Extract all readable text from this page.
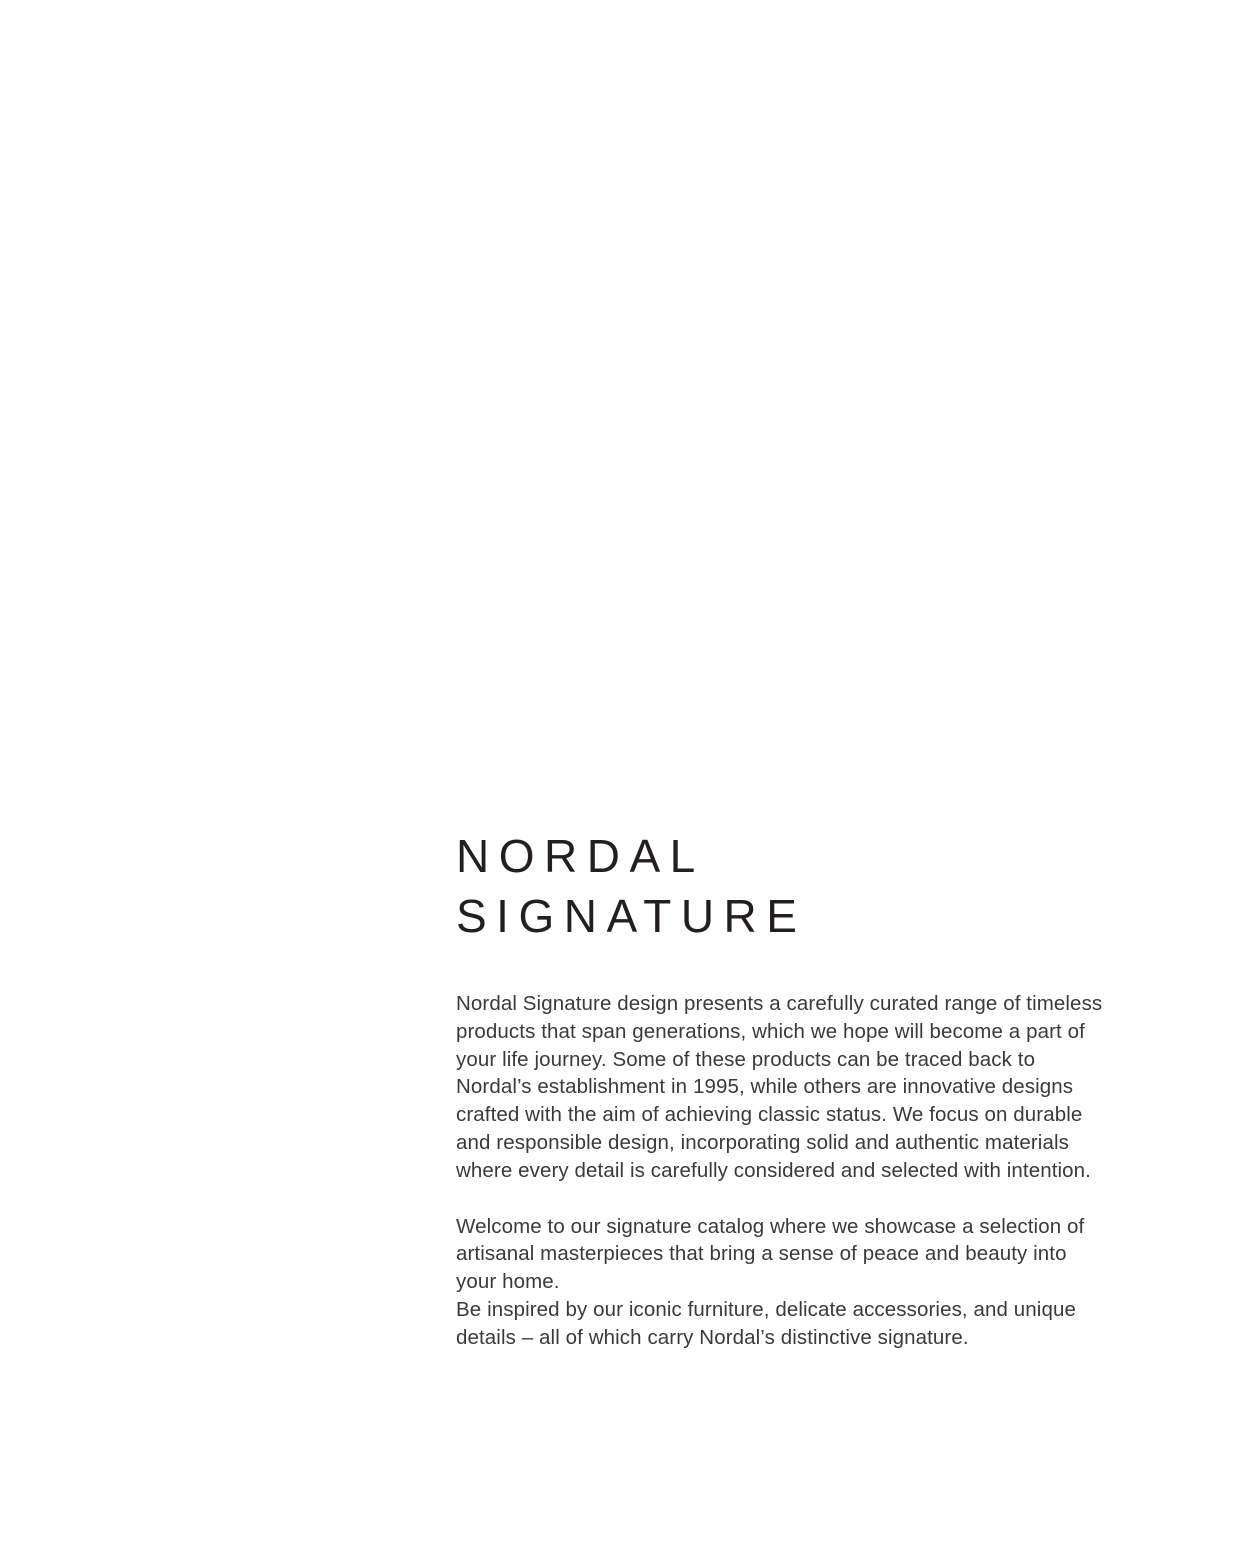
NORDAL
SIGNATURE

Nordal Signature design presents a carefully curated range of timeless products that span generations, which we hope will become a part of your life journey. Some of these products can be traced back to Nordal’s establishment in 1995, while others are innovative designs crafted with the aim of achieving classic status. We focus on durable and responsible design, incorporating solid and authentic materials where every detail is carefully considered and selected with intention.

Welcome to our signature catalog where we showcase a selection of artisanal masterpieces that bring a sense of peace and beauty into your home.
Be inspired by our iconic furniture, delicate accessories, and unique details – all of which carry Nordal’s distinctive signature.
